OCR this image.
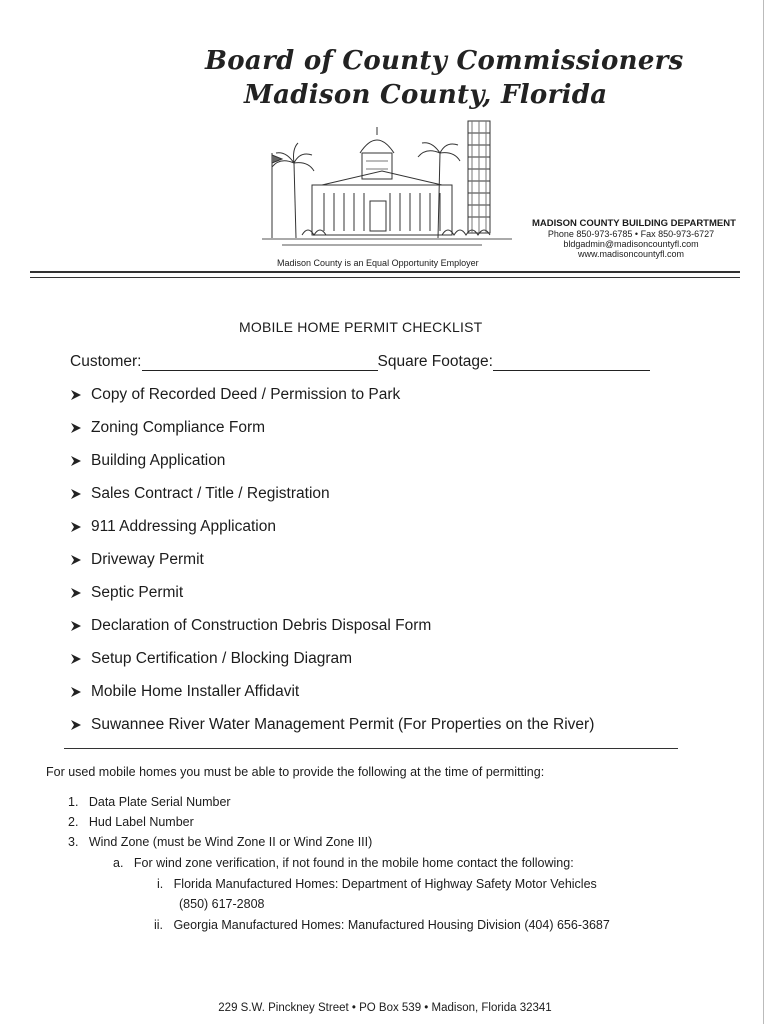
Board of County Commissioners
Madison County, Florida
Madison County is an Equal Opportunity Employer
MADISON COUNTY BUILDING DEPARTMENT
Phone 850-973-6785 • Fax 850-973-6727
bldgadmin@madisoncountyfl.com
www.madisoncountyfl.com
MOBILE HOME PERMIT CHECKLIST
Customer:	Square Footage:
Copy of Recorded Deed / Permission to Park
Zoning Compliance Form
Building Application
Sales Contract / Title / Registration
911 Addressing Application
Driveway Permit
Septic Permit
Declaration of Construction Debris Disposal Form
Setup Certification / Blocking Diagram
Mobile Home Installer Affidavit
Suwannee River Water Management Permit (For Properties on the River)
For used mobile homes you must be able to provide the following at the time of permitting:
1. Data Plate Serial Number
2. Hud Label Number
3. Wind Zone (must be Wind Zone II or Wind Zone III)
a. For wind zone verification, if not found in the mobile home contact the following:
i. Florida Manufactured Homes: Department of Highway Safety Motor Vehicles
(850) 617-2808
ii. Georgia Manufactured Homes: Manufactured Housing Division (404) 656-3687
229 S.W. Pinckney Street • PO Box 539 • Madison, Florida 32341
